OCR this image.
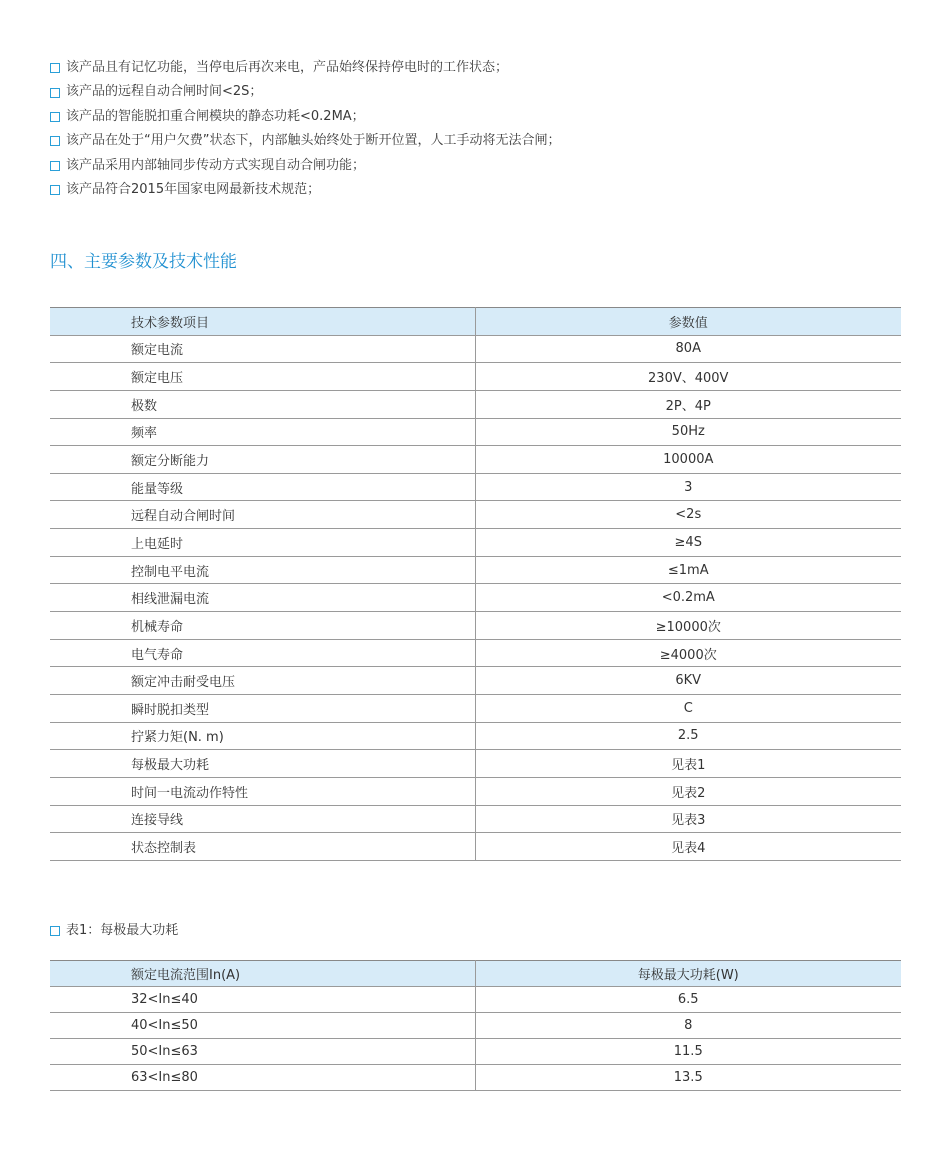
该产品且有记忆功能，当停电后再次来电，产品始终保持停电时的工作状态；
该产品的远程自动合闸时间<2S；
该产品的智能脱扣重合闸模块的静态功耗<0.2MA；
该产品在处于“用户欠费”状态下，内部触头始终处于断开位置，人工手动将无法合闸；
该产品采用内部轴同步传动方式实现自动合闸功能；
该产品符合2015年国家电网最新技术规范；
四、主要参数及技术性能
技术参数项目	参数值
额定电流	80A
额定电压	230V、400V
极数	2P、4P
频率	50Hz
额定分断能力	10000A
能量等级	3
远程自动合闸时间	<2s
上电延时	≥4S
控制电平电流	≤1mA
相线泄漏电流	<0.2mA
机械寿命	≥10000次
电气寿命	≥4000次
额定冲击耐受电压	6KV
瞬时脱扣类型	C
拧紧力矩(N. m)	2.5
每极最大功耗	见表1
时间一电流动作特性	见表2
连接导线	见表3
状态控制表	见表4
表1：每极最大功耗
额定电流范围In(A)	每极最大功耗(W)
32<In≤40	6.5
40<In≤50	8
50<In≤63	11.5
63<In≤80	13.5
